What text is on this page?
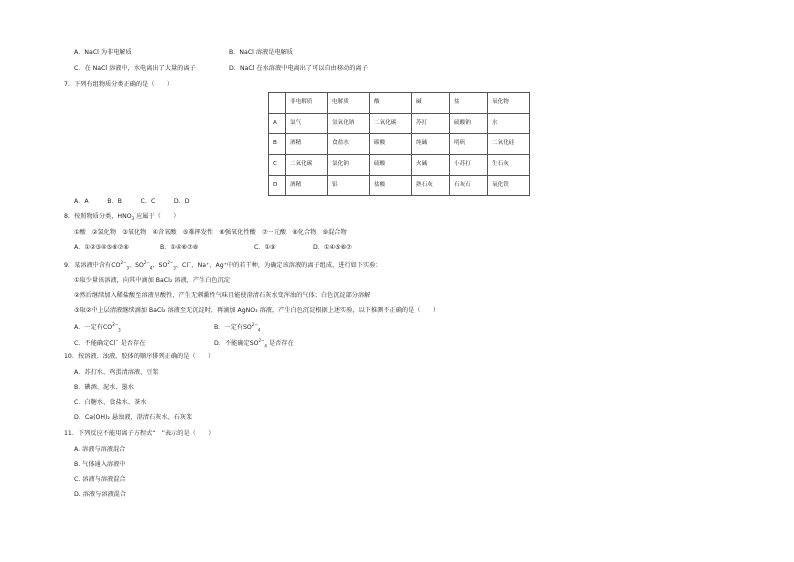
A．NaCl 为非电解质	B．NaCl 溶液是电解质
C．在 NaCl 溶液中，水电离出了大量的离子	D．NaCl 在水溶液中电离出了可以自由移动的离子
7．下列有组物质分类正确的是（　　）
	非电解质	电解质	酸	碱	盐	氧化物
A	氯气	氢氧化钠	二氧化碳	苏打	硫酸钠	水
B	酒精	食盐水	碳酸	纯碱	明矾	二氧化硅
C	二氧化碳	氯化钠	硫酸	火碱	小苏打	生石灰
D	酒精	铝	盐酸	熟石灰	石灰石	氧化铁
A．A　　　B．B　　　C．C　　　D．D
8．按照物质分类，$HNO_3$ 应属于（　　）
①酸　②氢化物　③氧化物　④含氧酸　⑤难挥发性　⑥强氧化性酸　⑦一元酸　⑧化合物　⑨混合物
A．①②③④⑤⑥⑦⑧	B．①④⑥⑦⑧	C．①⑨	D．①④⑤⑥⑦
9．某溶液中含有$CO^{2-}_3$、$SO^{2-}_4$、$SO^{2-}_3$、Cl−、Na⁺、Ag⁺中的若干种，为确定该溶液的离子组成，进行如下实验：
①取少量该溶液，向其中滴加 BaCl₂ 溶液，产生白色沉淀
②然后继续加入稀盐酸至溶液呈酸性，产生无刺激性气味且能使澄清石灰水变浑浊的气体；白色沉淀部分溶解
③取②中上层清液继续滴加 BaCl₂ 溶液至无沉淀时，再滴加 AgNO₃ 溶液，产生白色沉淀根据上述实验，以下推测不正确的是（　　）
A．一定有$CO^{2-}_3$	B．一定有$SO^{2-}_4$
C．不能确定Cl− 是否存在	D．不能确定$SO^{2-}_4$ 是否存在
10．按溶液、浊液、胶体的顺序排列正确的是（　　）
A．苏打水、鸡蛋清溶液、豆浆
B．碘酒、泥水、墨水
C．白糖水、食盐水、茶水
D．Ca(OH)₂ 悬浊液、澄清石灰水、石灰浆
11．下列反应不能用离子方程式“　”表示的是（　　）
A. 溶液与溶液混合
B. 气体通入溶液中
C. 溶液与溶液混合
D. 溶液与溶液混合
